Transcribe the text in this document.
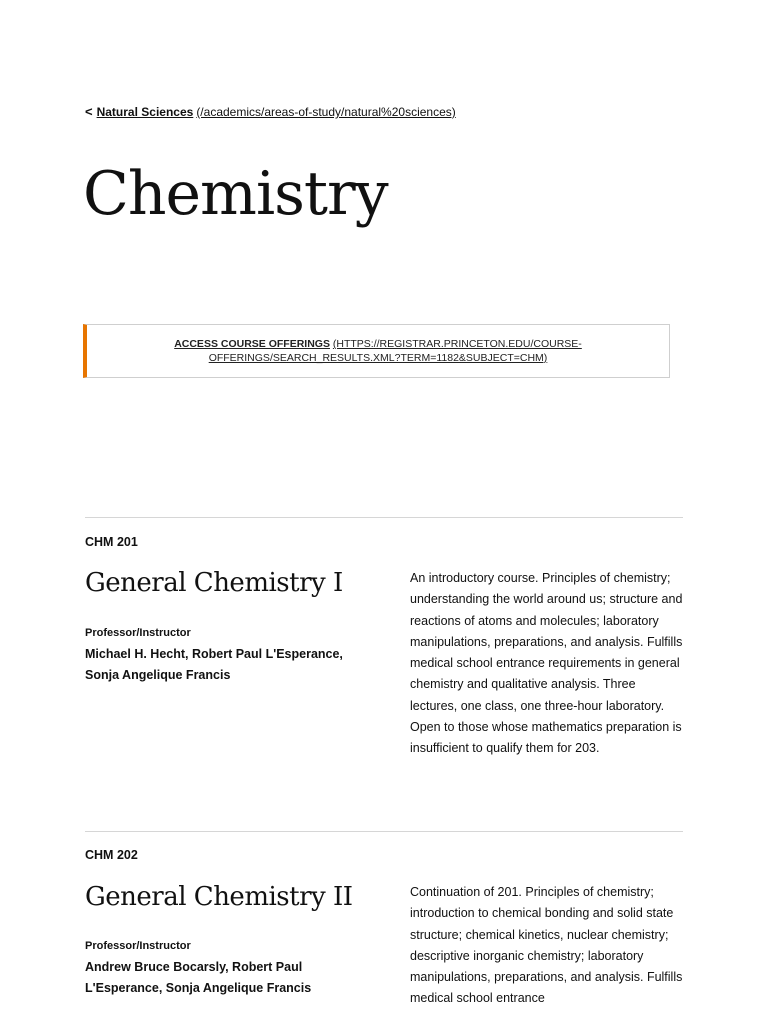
< Natural Sciences (/academics/areas-of-study/natural%20sciences)
Chemistry
ACCESS COURSE OFFERINGS (HTTPS://REGISTRAR.PRINCETON.EDU/COURSE-OFFERINGS/SEARCH_RESULTS.XML?TERM=1182&SUBJECT=CHM)
CHM 201
General Chemistry I
Professor/Instructor
Michael H. Hecht, Robert Paul L'Esperance, Sonja Angelique Francis

An introductory course. Principles of chemistry; understanding the world around us; structure and reactions of atoms and molecules; laboratory manipulations, preparations, and analysis. Fulfills medical school entrance requirements in general chemistry and qualitative analysis. Three lectures, one class, one three-hour laboratory. Open to those whose mathematics preparation is insufficient to qualify them for 203.

CHM 202
General Chemistry II
Professor/Instructor
Andrew Bruce Bocarsly, Robert Paul L'Esperance, Sonja Angelique Francis

Continuation of 201. Principles of chemistry; introduction to chemical bonding and solid state structure; chemical kinetics, nuclear chemistry; descriptive inorganic chemistry; laboratory manipulations, preparations, and analysis. Fulfills medical school entrance
